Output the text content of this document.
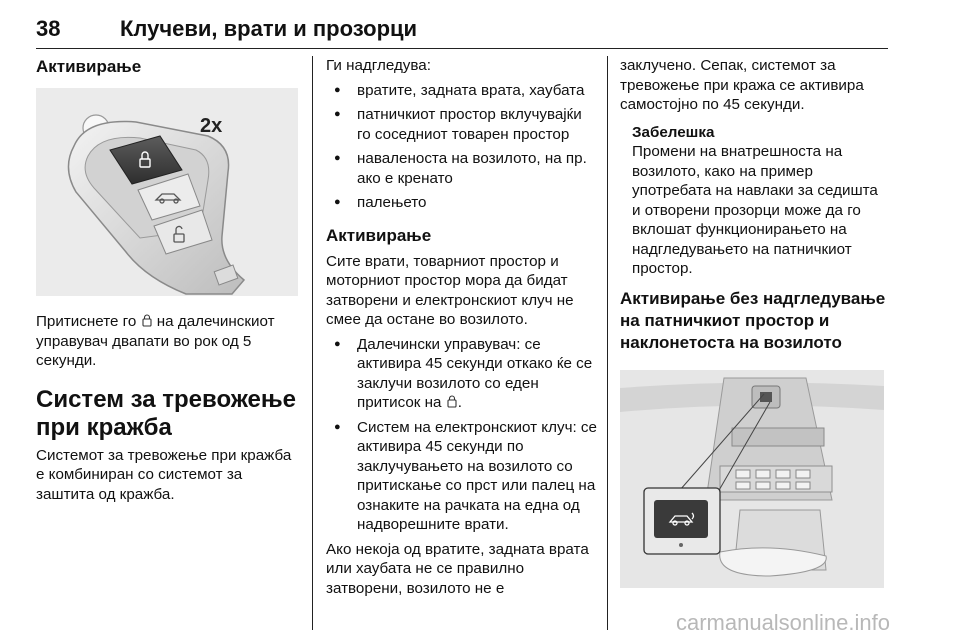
38	Клучеви, врати и прозорци
Активирање
2x

Притиснете го на далечинскиот управувач двапати во рок од 5 секунди.

Систем за тревожење при кражба

Системот за тревожење при кражба е комбиниран со системот за заштита од кражба.

Ги надгледува:

● вратите, задната врата, хаубата
● патничкиот простор вклучувајќи го соседниот товарен простор
● наваленоста на возилото, на пр. ако е кренато
● палењето
Активирање

Сите врати, товарниот простор и моторниот простор мора да бидат затворени и електронскиот клуч не смее да остане во возилото.

● Далечински управувач: се активира 45 секунди откако ќе се заклучи возилото со еден притисок на .
● Систем на електронскиот клуч: се активира 45 секунди по заклучувањето на возилото со притискање со прст или палец на ознаките на рачката на една од надворешните врати.

Ако некоја од вратите, задната врата или хаубата не се правилно затворени, возилото не е

заклучено. Сепак, системот за тревожење при кража се активира самостојно по 45 секунди.

Забелешка

Промени на внатрешноста на возилото, како на пример употребата на навлаки за седишта и отворени прозорци може да го вклошат функционирањето на надгледувањето на патничкиот простор.

Активирање без надгледување на патничкиот простор и наклонетоста на возилото
carmanualsonline.info
